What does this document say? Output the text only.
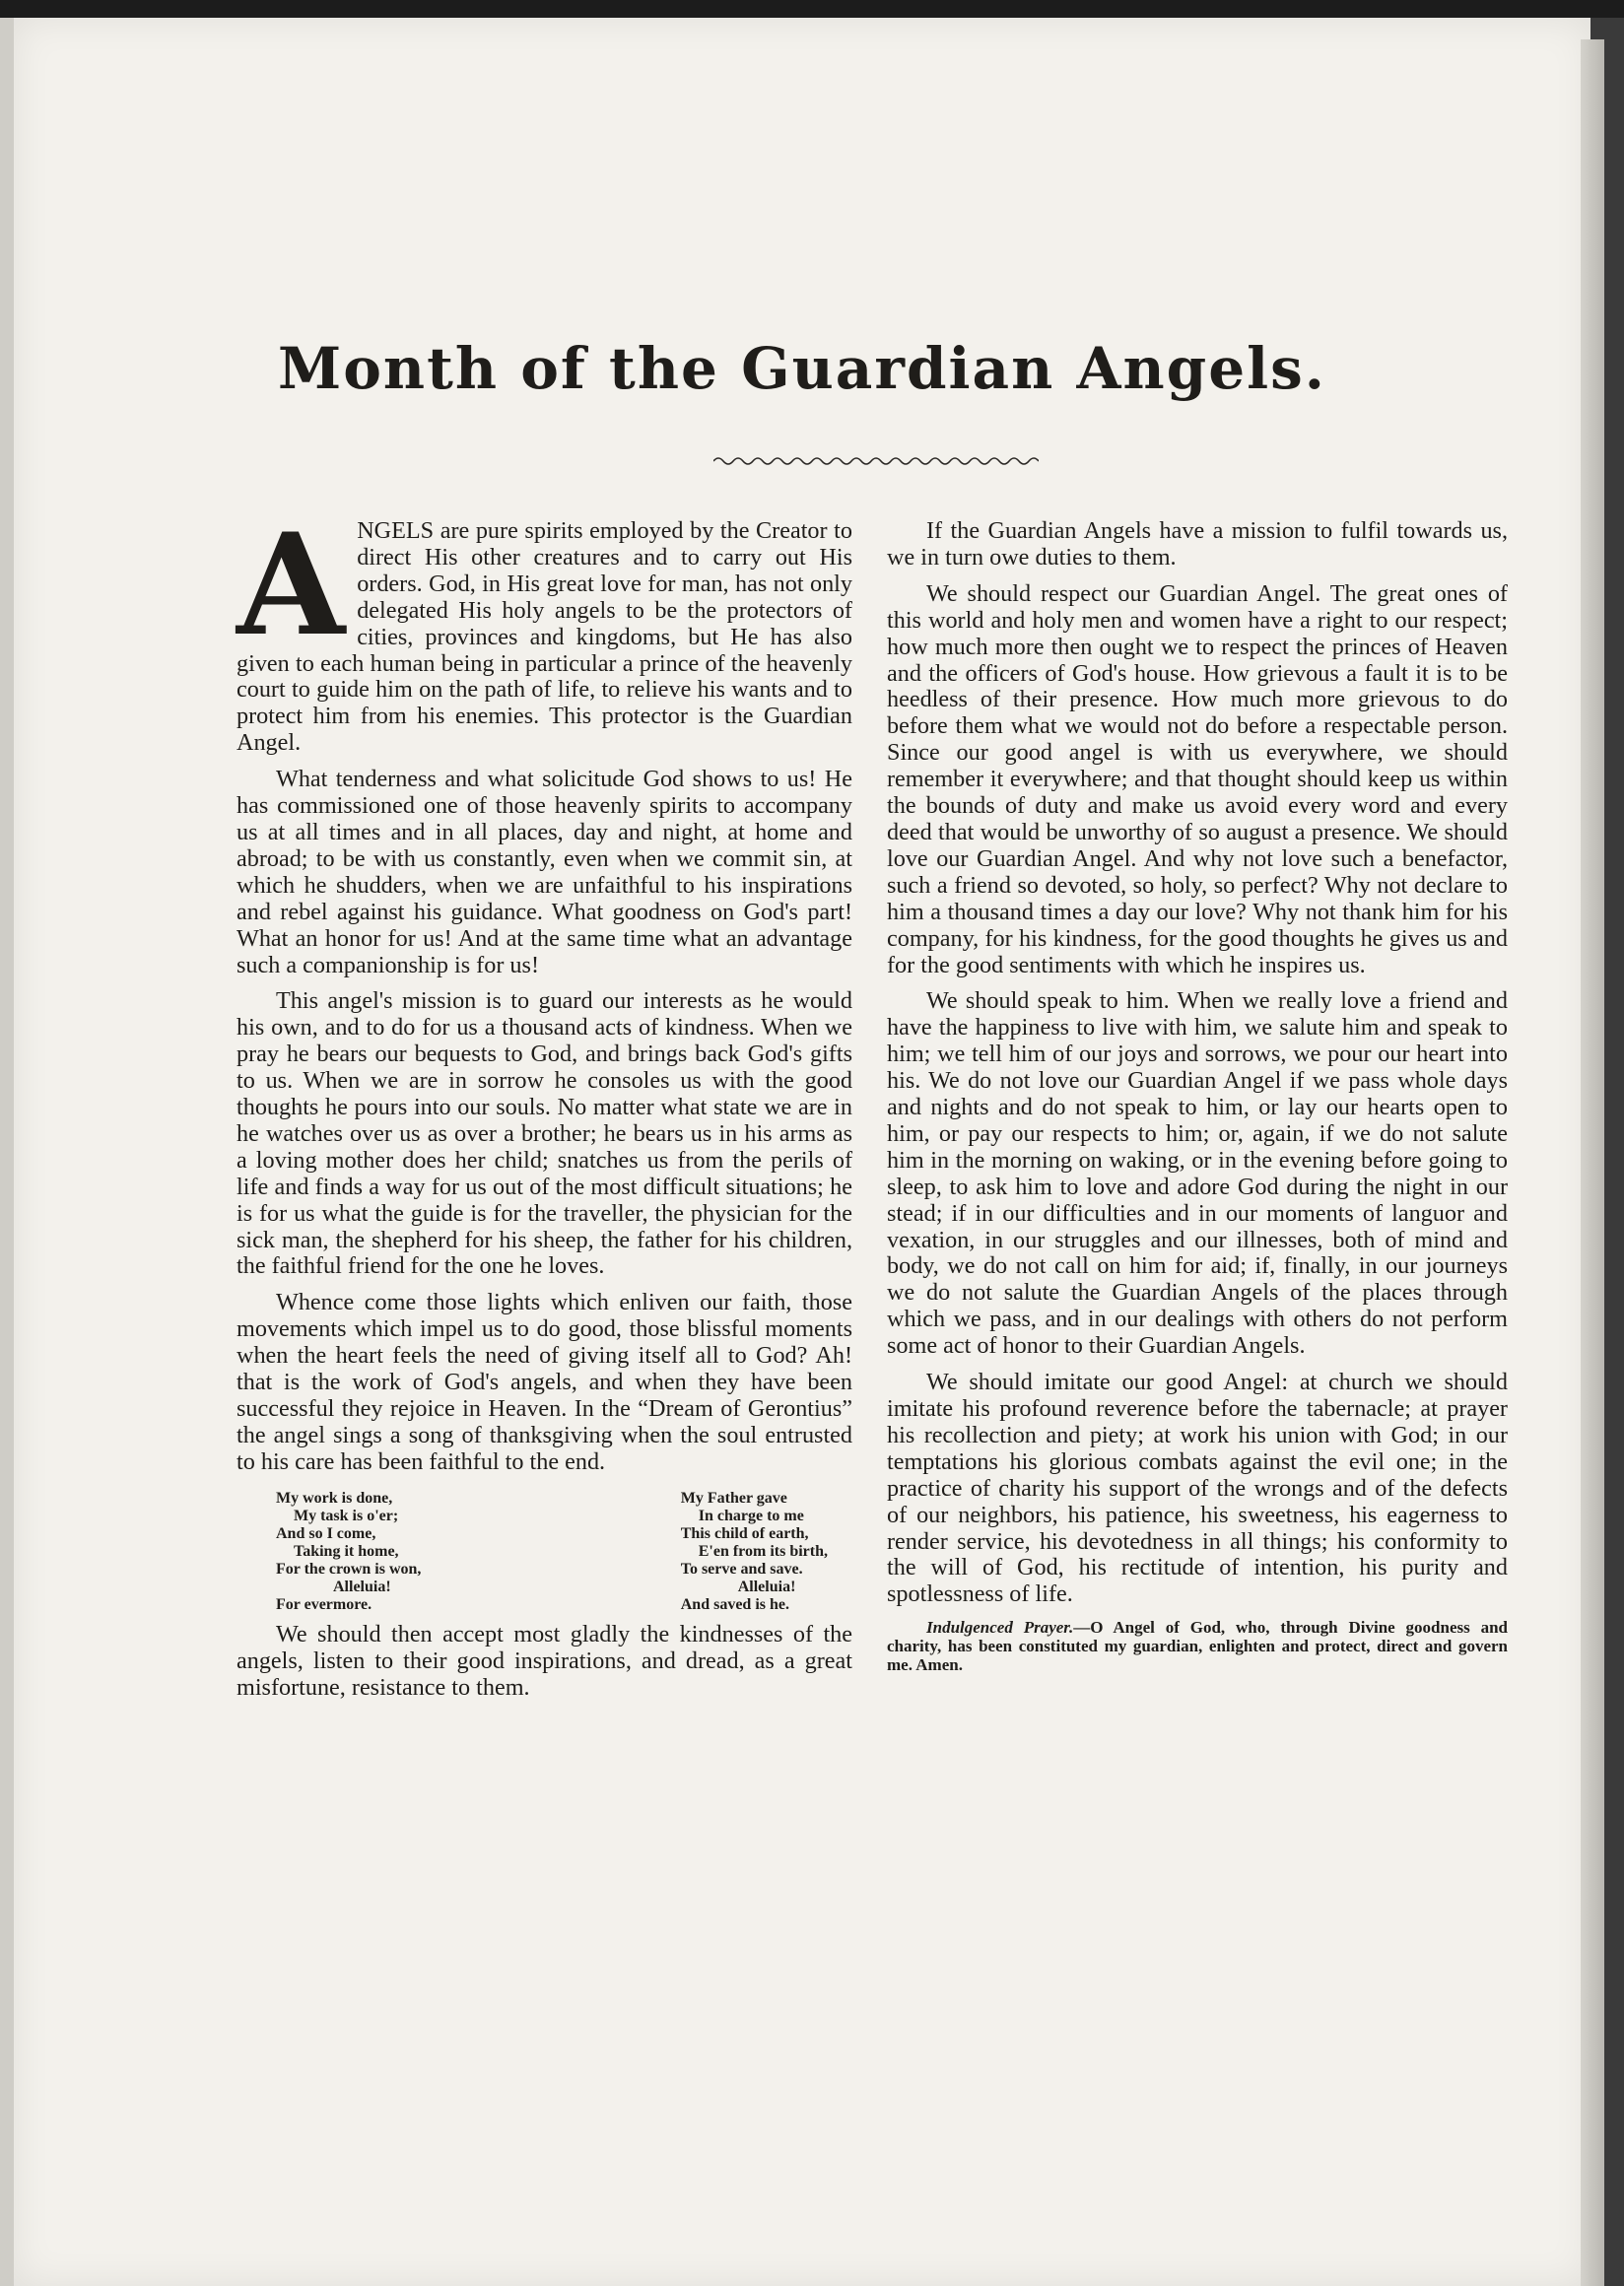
Month of the Guardian Angels.

A NGELS are pure spirits employed by the Creator to direct His other creatures and to carry out His orders. God, in His great love for man, has not only delegated His holy angels to be the protectors of cities, provinces and kingdoms, but He has also given to each human being in particular a prince of the heavenly court to guide him on the path of life, to relieve his wants and to protect him from his enemies. This protector is the Guardian Angel.

What tenderness and what solicitude God shows to us! He has commissioned one of those heavenly spirits to accompany us at all times and in all places, day and night, at home and abroad; to be with us constantly, even when we commit sin, at which he shudders, when we are unfaithful to his inspirations and rebel against his guidance. What goodness on God's part! What an honor for us! And at the same time what an advantage such a companionship is for us!

This angel's mission is to guard our interests as he would his own, and to do for us a thousand acts of kindness. When we pray he bears our bequests to God, and brings back God's gifts to us. When we are in sorrow he consoles us with the good thoughts he pours into our souls. No matter what state we are in he watches over us as over a brother; he bears us in his arms as a loving mother does her child; snatches us from the perils of life and finds a way for us out of the most difficult situations; he is for us what the guide is for the traveller, the physician for the sick man, the shepherd for his sheep, the father for his children, the faithful friend for the one he loves.

Whence come those lights which enliven our faith, those movements which impel us to do good, those blissful moments when the heart feels the need of giving itself all to God? Ah! that is the work of God's angels, and when they have been successful they rejoice in Heaven. In the “Dream of Gerontius” the angel sings a song of thanksgiving when the soul entrusted to his care has been faithful to the end.

My work is done,
My task is o'er;
And so I come,
Taking it home,
For the crown is won,
Alleluia!
For evermore.
My Father gave
In charge to me
This child of earth,
E'en from its birth,
To serve and save.
Alleluia!
And saved is he.

We should then accept most gladly the kindnesses of the angels, listen to their good inspirations, and dread, as a great misfortune, resistance to them.

If the Guardian Angels have a mission to fulfil towards us, we in turn owe duties to them.

We should respect our Guardian Angel. The great ones of this world and holy men and women have a right to our respect; how much more then ought we to respect the princes of Heaven and the officers of God's house. How grievous a fault it is to be heedless of their presence. How much more grievous to do before them what we would not do before a respectable person. Since our good angel is with us everywhere, we should remember it everywhere; and that thought should keep us within the bounds of duty and make us avoid every word and every deed that would be unworthy of so august a presence. We should love our Guardian Angel. And why not love such a benefactor, such a friend so devoted, so holy, so perfect? Why not declare to him a thousand times a day our love? Why not thank him for his company, for his kindness, for the good thoughts he gives us and for the good sentiments with which he inspires us.

We should speak to him. When we really love a friend and have the happiness to live with him, we salute him and speak to him; we tell him of our joys and sorrows, we pour our heart into his. We do not love our Guardian Angel if we pass whole days and nights and do not speak to him, or lay our hearts open to him, or pay our respects to him; or, again, if we do not salute him in the morning on waking, or in the evening before going to sleep, to ask him to love and adore God during the night in our stead; if in our difficulties and in our moments of languor and vexation, in our struggles and our illnesses, both of mind and body, we do not call on him for aid; if, finally, in our journeys we do not salute the Guardian Angels of the places through which we pass, and in our dealings with others do not perform some act of honor to their Guardian Angels.

We should imitate our good Angel: at church we should imitate his profound reverence before the tabernacle; at prayer his recollection and piety; at work his union with God; in our temptations his glorious combats against the evil one; in the practice of charity his support of the wrongs and of the defects of our neighbors, his patience, his sweetness, his eagerness to render service, his devotedness in all things; his conformity to the will of God, his rectitude of intention, his purity and spotlessness of life.

Indulgenced Prayer.—O Angel of God, who, through Divine goodness and charity, has been constituted my guardian, enlighten and protect, direct and govern me. Amen.
